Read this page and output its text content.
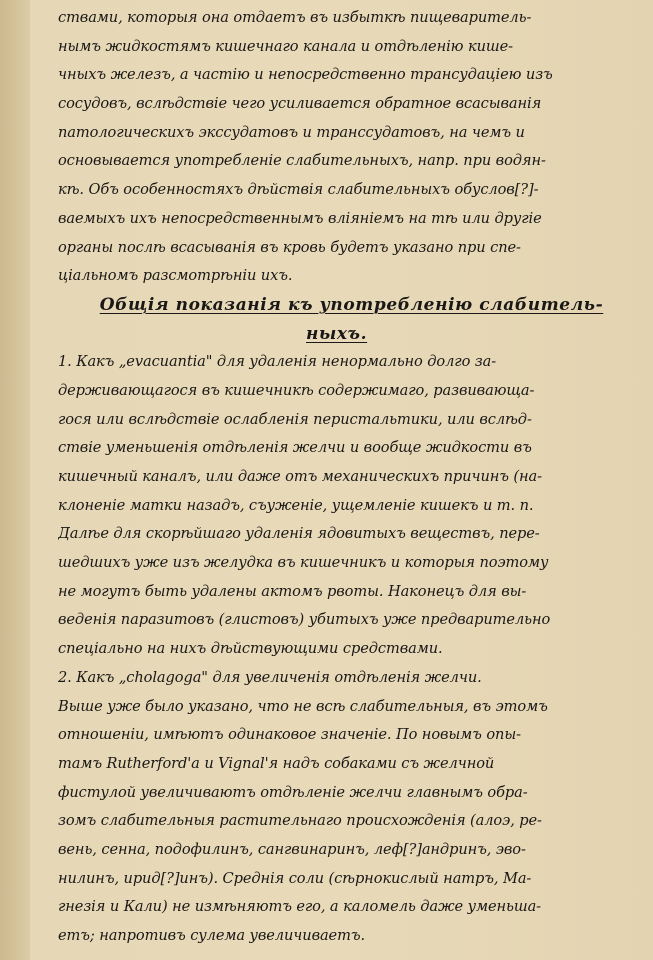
ствами, которыя она отдаетъ въ избыткѣ пищеваритель-
нымъ жидкостямъ кишечнаго канала и отдѣленію кише-
чныхъ железъ, а частію и непосредственно трансудаціею изъ
сосудовъ, вслѣдствіе чего усиливается обратное всасыванія
патологическихъ экссудатовъ и транссудатовъ, на чемъ и
основывается употребленіе слабительныхъ, напр. при водян-
кѣ. Объ особенностяхъ дѣйствія слабительныхъ обуслов[?]-
ваемыхъ ихъ непосредственнымъ вліяніемъ на тѣ или другіе
органы послѣ всасыванія въ кровь будетъ указано при спе-
ціальномъ разсмотрѣніи ихъ.
Общія показанія къ употребленію слабитель-
ныхъ.
1. Какъ „evacuantia" для удаленія ненормально долго за-
держивающагося въ кишечникѣ содержимаго, развивающа-
гося или вслѣдствіе ослабленія перистальтики, или вслѣд-
ствіе уменьшенія отдѣленія желчи и вообще жидкости въ
кишечный каналъ, или даже отъ механическихъ причинъ (на-
клоненіе матки назадъ, съуженіе, ущемленіе кишекъ и т. п.
Далѣе для скорѣйшаго удаленія ядовитыхъ веществъ, пере-
шедшихъ уже изъ желудка въ кишечникъ и которыя поэтому
не могутъ быть удалены актомъ рвоты. Наконецъ для вы-
веденія паразитовъ (глистовъ) убитыхъ уже предварительно
спеціально на нихъ дѣйствующими средствами.
2. Какъ „cholagoga" для увеличенія отдѣленія желчи.
Выше уже было указано, что не всѣ слабительныя, въ этомъ
отношеніи, имѣютъ одинаковое значеніе. По новымъ опы-
тамъ Rutherford'а и Vignal'я надъ собаками съ желчной
фистулой увеличиваютъ отдѣленіе желчи главнымъ обра-
зомъ слабительныя растительнаго происхожденія (алоэ, ре-
вень, сенна, подофилинъ, сангвинаринъ, леф[?]андринъ, эво-
нилинъ, ирид[?]инъ). Среднія соли (сѣрнокислый натръ, Ма-
гнезія и Кали) не измѣняютъ его, а каломель даже уменьша-
етъ; напротивъ сулема увеличиваетъ.
